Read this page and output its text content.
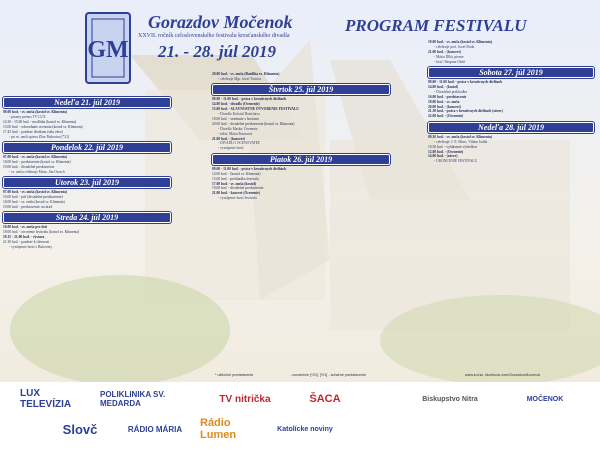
GM
Gorazdov Močenok
XXVII. ročník celoslovenského festivalu kresťanského divadla
21. - 28. júl 2019
PROGRAM FESTIVALU
Nedeľa 21. júl 2019
09.00 hod. - sv. omša (kostol sv. Klimenta)
- priamy prenos TV LUX
14.30 - 15.00 hod. - modlitba (kostol sv. Klimenta)
15.00 hod. - odovzdanie ocenenia (kostol sv. Klimenta)
17.45 hod. - pozdrav divákom (sála obce)
- pri sv. omši spieva Zbor Bukovina [*21]
Pondelok 22. júl 2019
07.00 hod. - sv. omša (kostol sv. Klimenta)
18.00 hod. - predstavenie (kostol sv. Klimenta)
19.00 hod. - divadelné predstavenie
- sv. omšu celebruje Mons. Ján Orosch
Utorok 23. júl 2019
07.00 hod. - sv. omša (kostol sv. Klimenta)
10.00 hod. - púť (divadelné predstavenie)
18.00 hod. - sv. omša (kostol sv. Klimenta)
19.00 hod. - predstavenie: na hrad
Streda 24. júl 2019
10.00 hod. - sv. omša pre deti
18.00 hod. - otvorenie festivalu (kostol sv. Klimenta)
19.15 - 21.00 hod. - výstava
21.30 hod. - pozdrav k slávnosti
- vystúpenie hostí z Bukoviny
20.00 hod. - sv. omša (Bazilika sv. Klimenta)
- celebruje Mgr. Jozef Tomica
Štvrtok 25. júl 2019
09.00 - 11.00 hod. - práca v kreatívnych dielňach
14.00 hod. - divadlo (Ocenenie)
15.00 hod. - SLÁVNOSTNÉ OTVORENIE FESTIVALU
- Divadlo Kolotoč Bratislava
18.00 hod. - stretnutie s hosťami
20.00 hod. - divadelné predstavenie (kostol sv. Klimenta)
- Divadlo Maska: Ocenenie
- réžia: Mária Rusinová
21.00 hod. - (koncert)
- DIVADLO OCEŇOVATEĽ
- vystúpenie hostí
Piatok 26. júl 2019
09.00 - 11.00 hod. - práca v kreatívnych dielňach
14.00 hod. - (kostol sv. Klimenta)
15.00 hod. - prehliadka festivalu
17.00 hod. - sv. omša (kostol)
19.00 hod. - divadelné predstavenie
21.00 hod. - koncert (Ocenenie)
- vystúpenie hostí festivalu
19.00 hod. - sv. omša (kostol sv. Klimenta)
- celebruje prof. Jozef Duda
21.00 hod. - (koncert)
- Mária Dlhá, piesne
- hosť: Skupina Oheň
Sobota 27. júl 2019
09.00 - 11.00 hod. - práca v kreatívnych dielňach
14.00 hod. - (kostol)
- Divadelná prehliadka
16.00 hod. - predstavenie
18.00 hod. - sv. omša
20.00 hod. - (koncert)
21.30 hod. - práca v kreatívnych dielňach (záver)
22.00 hod. - (Ocenenie)
Nedeľa 28. júl 2019
09.30 hod. - sv. omša (kostol sv. Klimenta)
- celebruje: J. E. Mons. Viliam Judák
10.30 hod. - vyhlásenie výsledkov
12.00 hod. - (Ocenenie)
14.00 hod. - (záver)
- UKONČENIE FESTIVALU
* užitočné predstavenie	- označenie [*20], [*21] - súťažné predstavenie	www.kul.sk, facebook.com/GorazdovMocenok
LUX TELEVÍZIA
POLIKLINIKA SV. MEDARDA	TV nitrička	ŠACA
Slovč	RÁDIO MÁRIA	Rádio Lumen	Katolícke noviny
Biskupstvo Nitra	MOČENOK
